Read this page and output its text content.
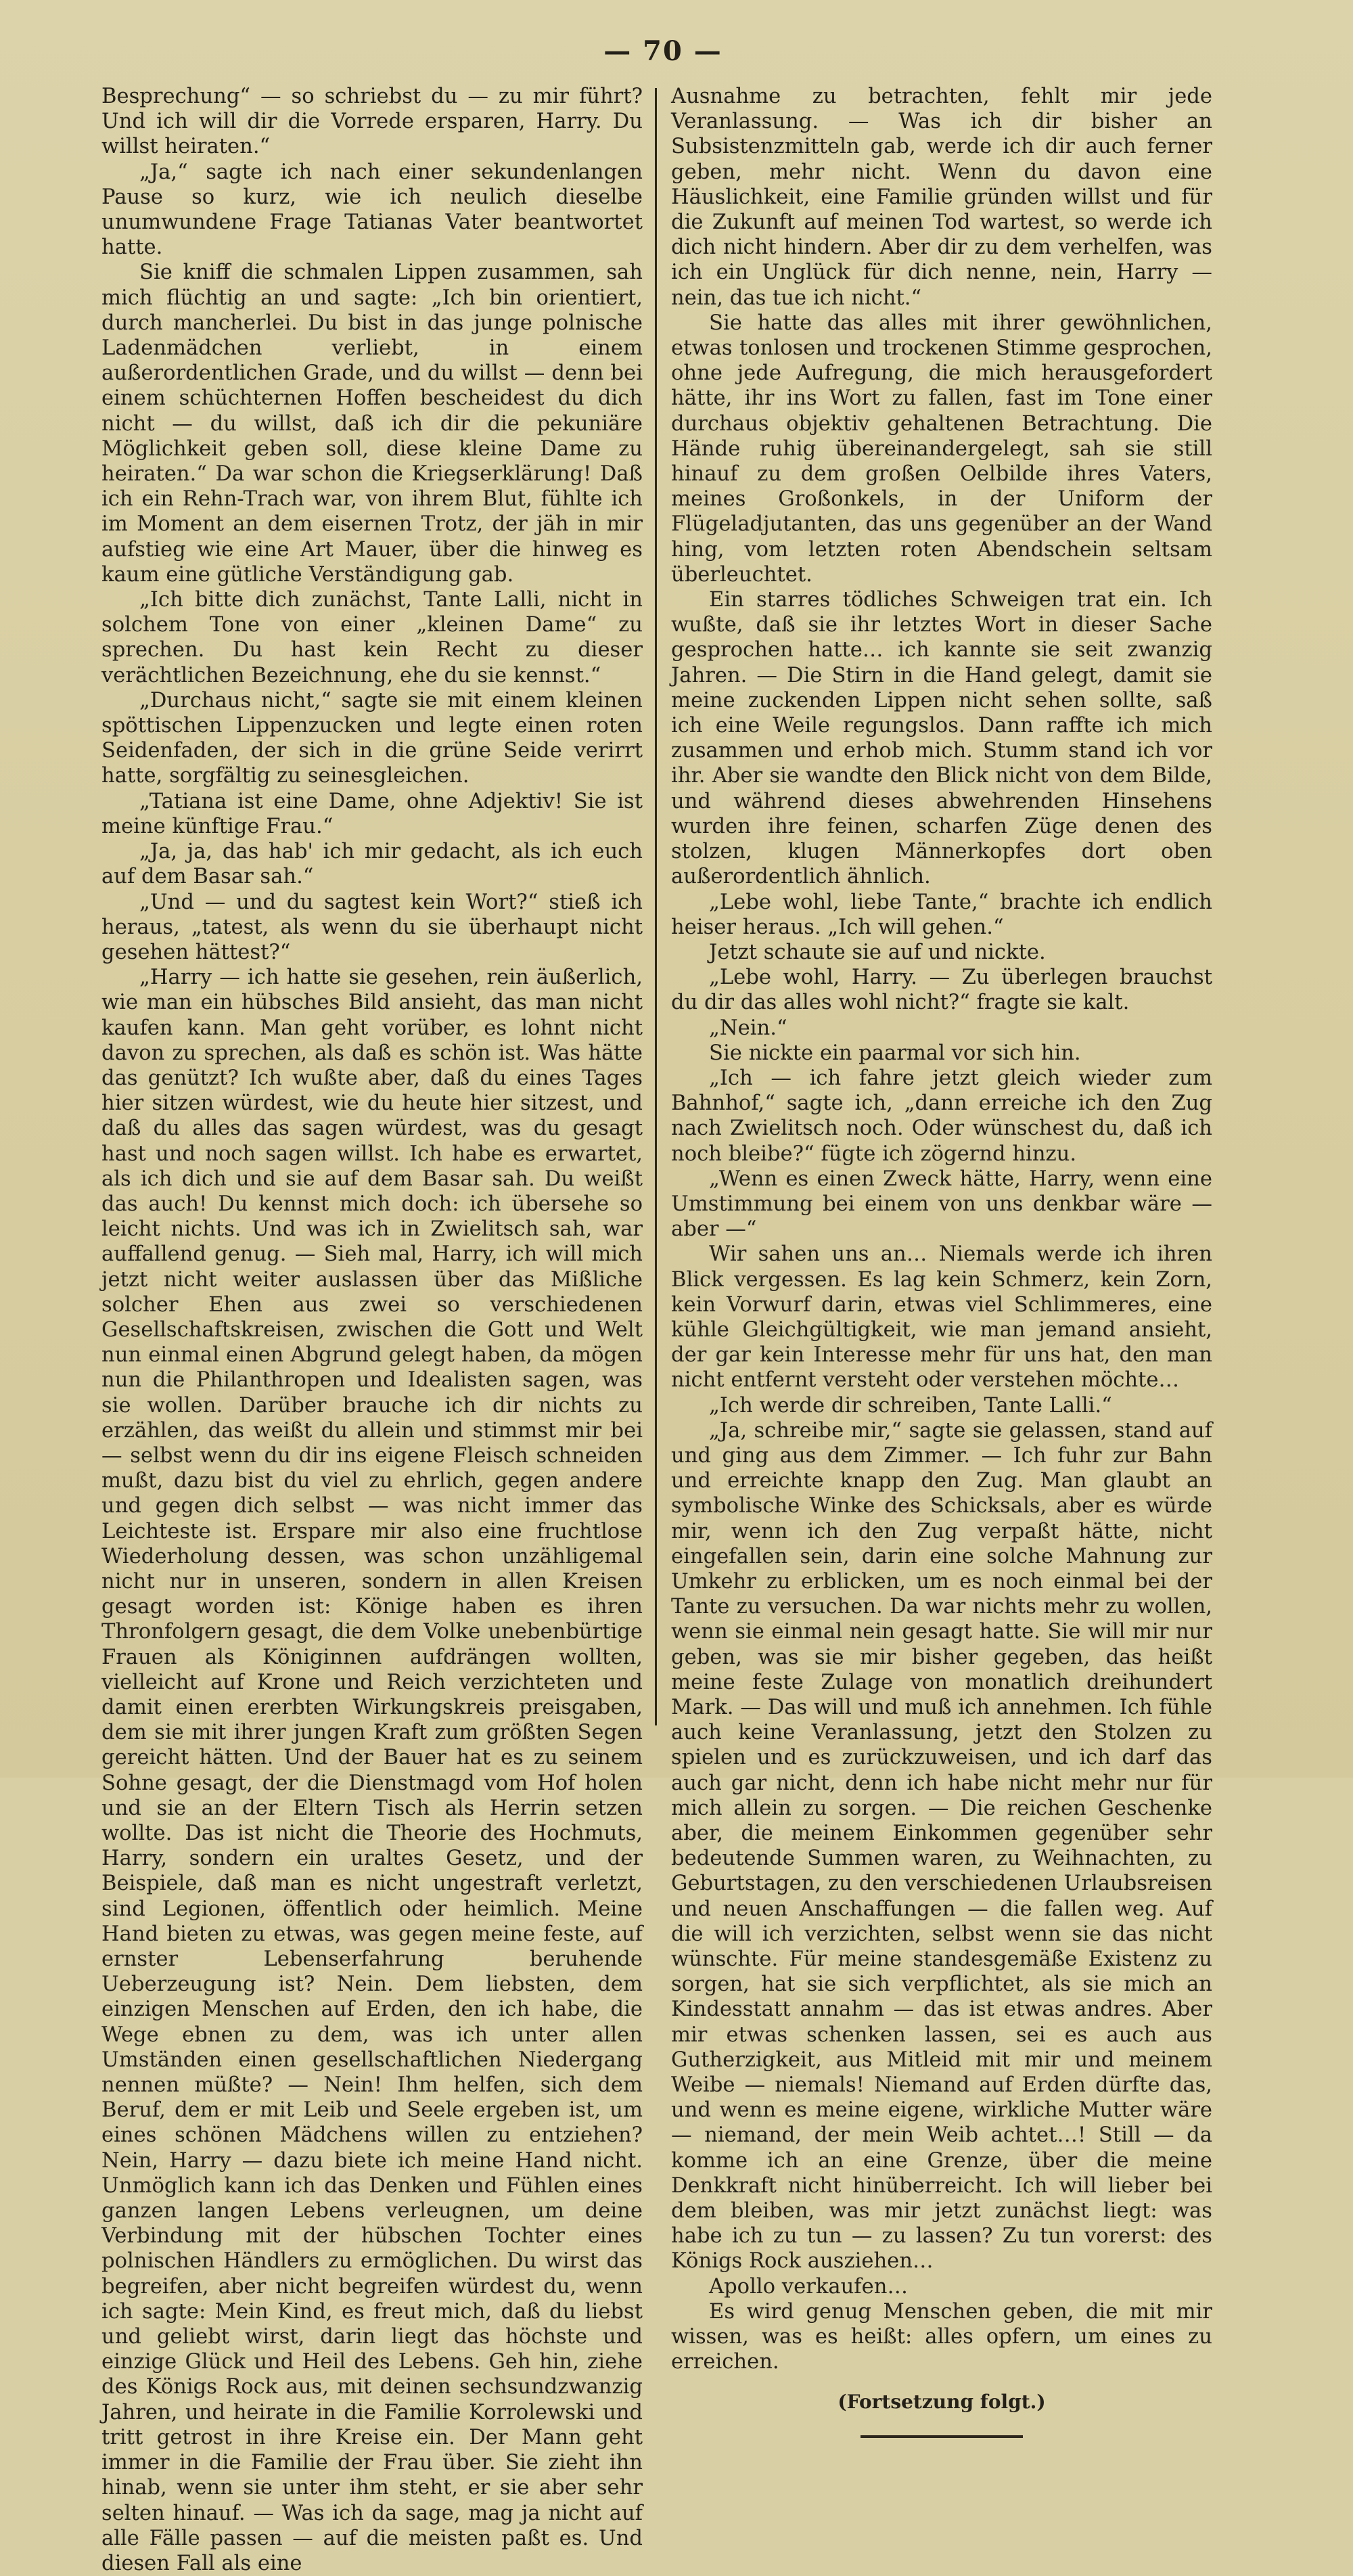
— 70 —

Besprechung“ — so schriebst du — zu mir führt? Und ich will dir die Vorrede ersparen, Harry. Du willst heiraten.“

„Ja,“ sagte ich nach einer sekundenlangen Pause so kurz, wie ich neulich dieselbe unumwundene Frage Tatianas Vater beantwortet hatte.

Sie kniff die schmalen Lippen zusammen, sah mich flüchtig an und sagte: „Ich bin orientiert, durch mancherlei. Du bist in das junge polnische Ladenmädchen verliebt, in einem außerordentlichen Grade, und du willst — denn bei einem schüchternen Hoffen bescheidest du dich nicht — du willst, daß ich dir die pekuniäre Möglichkeit geben soll, diese kleine Dame zu heiraten.“ Da war schon die Kriegserklärung! Daß ich ein Rehn-Trach war, von ihrem Blut, fühlte ich im Moment an dem eisernen Trotz, der jäh in mir aufstieg wie eine Art Mauer, über die hinweg es kaum eine gütliche Verständigung gab.

„Ich bitte dich zunächst, Tante Lalli, nicht in solchem Tone von einer „kleinen Dame“ zu sprechen. Du hast kein Recht zu dieser verächtlichen Bezeichnung, ehe du sie kennst.“

„Durchaus nicht,“ sagte sie mit einem kleinen spöttischen Lippenzucken und legte einen roten Seidenfaden, der sich in die grüne Seide verirrt hatte, sorgfältig zu seinesgleichen.

„Tatiana ist eine Dame, ohne Adjektiv! Sie ist meine künftige Frau.“

„Ja, ja, das hab' ich mir gedacht, als ich euch auf dem Basar sah.“

„Und — und du sagtest kein Wort?“ stieß ich heraus, „tatest, als wenn du sie überhaupt nicht gesehen hättest?“

„Harry — ich hatte sie gesehen, rein äußerlich, wie man ein hübsches Bild ansieht, das man nicht kaufen kann. Man geht vorüber, es lohnt nicht davon zu sprechen, als daß es schön ist. Was hätte das genützt? Ich wußte aber, daß du eines Tages hier sitzen würdest, wie du heute hier sitzest, und daß du alles das sagen würdest, was du gesagt hast und noch sagen willst. Ich habe es erwartet, als ich dich und sie auf dem Basar sah. Du weißt das auch! Du kennst mich doch: ich übersehe so leicht nichts. Und was ich in Zwielitsch sah, war auffallend genug. — Sieh mal, Harry, ich will mich jetzt nicht weiter auslassen über das Mißliche solcher Ehen aus zwei so verschiedenen Gesellschaftskreisen, zwischen die Gott und Welt nun einmal einen Abgrund gelegt haben, da mögen nun die Philanthropen und Idealisten sagen, was sie wollen. Darüber brauche ich dir nichts zu erzählen, das weißt du allein und stimmst mir bei — selbst wenn du dir ins eigene Fleisch schneiden mußt, dazu bist du viel zu ehrlich, gegen andere und gegen dich selbst — was nicht immer das Leichteste ist. Erspare mir also eine fruchtlose Wiederholung dessen, was schon unzähligemal nicht nur in unseren, sondern in allen Kreisen gesagt worden ist: Könige haben es ihren Thronfolgern gesagt, die dem Volke unebenbürtige Frauen als Königinnen aufdrängen wollten, vielleicht auf Krone und Reich verzichteten und damit einen ererbten Wirkungskreis preisgaben, dem sie mit ihrer jungen Kraft zum größten Segen gereicht hätten. Und der Bauer hat es zu seinem Sohne gesagt, der die Dienstmagd vom Hof holen und sie an der Eltern Tisch als Herrin setzen wollte. Das ist nicht die Theorie des Hochmuts, Harry, sondern ein uraltes Gesetz, und der Beispiele, daß man es nicht ungestraft verletzt, sind Legionen, öffentlich oder heimlich. Meine Hand bieten zu etwas, was gegen meine feste, auf ernster Lebenserfahrung beruhende Ueberzeugung ist? Nein. Dem liebsten, dem einzigen Menschen auf Erden, den ich habe, die Wege ebnen zu dem, was ich unter allen Umständen einen gesellschaftlichen Niedergang nennen müßte? — Nein! Ihm helfen, sich dem Beruf, dem er mit Leib und Seele ergeben ist, um eines schönen Mädchens willen zu entziehen? Nein, Harry — dazu biete ich meine Hand nicht. Unmöglich kann ich das Denken und Fühlen eines ganzen langen Lebens verleugnen, um deine Verbindung mit der hübschen Tochter eines polnischen Händlers zu ermöglichen. Du wirst das begreifen, aber nicht begreifen würdest du, wenn ich sagte: Mein Kind, es freut mich, daß du liebst und geliebt wirst, darin liegt das höchste und einzige Glück und Heil des Lebens. Geh hin, ziehe des Königs Rock aus, mit deinen sechsundzwanzig Jahren, und heirate in die Familie Korrolewski und tritt getrost in ihre Kreise ein. Der Mann geht immer in die Familie der Frau über. Sie zieht ihn hinab, wenn sie unter ihm steht, er sie aber sehr selten hinauf. — Was ich da sage, mag ja nicht auf alle Fälle passen — auf die meisten paßt es. Und diesen Fall als eine

Ausnahme zu betrachten, fehlt mir jede Veranlassung. — Was ich dir bisher an Subsistenzmitteln gab, werde ich dir auch ferner geben, mehr nicht. Wenn du davon eine Häuslichkeit, eine Familie gründen willst und für die Zukunft auf meinen Tod wartest, so werde ich dich nicht hindern. Aber dir zu dem verhelfen, was ich ein Unglück für dich nenne, nein, Harry — nein, das tue ich nicht.“

Sie hatte das alles mit ihrer gewöhnlichen, etwas tonlosen und trockenen Stimme gesprochen, ohne jede Aufregung, die mich herausgefordert hätte, ihr ins Wort zu fallen, fast im Tone einer durchaus objektiv gehaltenen Betrachtung. Die Hände ruhig übereinandergelegt, sah sie still hinauf zu dem großen Oelbilde ihres Vaters, meines Großonkels, in der Uniform der Flügeladjutanten, das uns gegenüber an der Wand hing, vom letzten roten Abendschein seltsam überleuchtet.

Ein starres tödliches Schweigen trat ein. Ich wußte, daß sie ihr letztes Wort in dieser Sache gesprochen hatte… ich kannte sie seit zwanzig Jahren. — Die Stirn in die Hand gelegt, damit sie meine zuckenden Lippen nicht sehen sollte, saß ich eine Weile regungslos. Dann raffte ich mich zusammen und erhob mich. Stumm stand ich vor ihr. Aber sie wandte den Blick nicht von dem Bilde, und während dieses abwehrenden Hinsehens wurden ihre feinen, scharfen Züge denen des stolzen, klugen Männerkopfes dort oben außerordentlich ähnlich.

„Lebe wohl, liebe Tante,“ brachte ich endlich heiser heraus. „Ich will gehen.“

Jetzt schaute sie auf und nickte.

„Lebe wohl, Harry. — Zu überlegen brauchst du dir das alles wohl nicht?“ fragte sie kalt.

„Nein.“

Sie nickte ein paarmal vor sich hin.

„Ich — ich fahre jetzt gleich wieder zum Bahnhof,“ sagte ich, „dann erreiche ich den Zug nach Zwielitsch noch. Oder wünschest du, daß ich noch bleibe?“ fügte ich zögernd hinzu.

„Wenn es einen Zweck hätte, Harry, wenn eine Umstimmung bei einem von uns denkbar wäre — aber —“

Wir sahen uns an… Niemals werde ich ihren Blick vergessen. Es lag kein Schmerz, kein Zorn, kein Vorwurf darin, etwas viel Schlimmeres, eine kühle Gleichgültigkeit, wie man jemand ansieht, der gar kein Interesse mehr für uns hat, den man nicht entfernt versteht oder verstehen möchte…

„Ich werde dir schreiben, Tante Lalli.“

„Ja, schreibe mir,“ sagte sie gelassen, stand auf und ging aus dem Zimmer. — Ich fuhr zur Bahn und erreichte knapp den Zug. Man glaubt an symbolische Winke des Schicksals, aber es würde mir, wenn ich den Zug verpaßt hätte, nicht eingefallen sein, darin eine solche Mahnung zur Umkehr zu erblicken, um es noch einmal bei der Tante zu versuchen. Da war nichts mehr zu wollen, wenn sie einmal nein gesagt hatte. Sie will mir nur geben, was sie mir bisher gegeben, das heißt meine feste Zulage von monatlich dreihundert Mark. — Das will und muß ich annehmen. Ich fühle auch keine Veranlassung, jetzt den Stolzen zu spielen und es zurückzuweisen, und ich darf das auch gar nicht, denn ich habe nicht mehr nur für mich allein zu sorgen. — Die reichen Geschenke aber, die meinem Einkommen gegenüber sehr bedeutende Summen waren, zu Weihnachten, zu Geburtstagen, zu den verschiedenen Urlaubsreisen und neuen Anschaffungen — die fallen weg. Auf die will ich verzichten, selbst wenn sie das nicht wünschte. Für meine standesgemäße Existenz zu sorgen, hat sie sich verpflichtet, als sie mich an Kindesstatt annahm — das ist etwas andres. Aber mir etwas schenken lassen, sei es auch aus Gutherzigkeit, aus Mitleid mit mir und meinem Weibe — niemals! Niemand auf Erden dürfte das, und wenn es meine eigene, wirkliche Mutter wäre — niemand, der mein Weib achtet…! Still — da komme ich an eine Grenze, über die meine Denkkraft nicht hinüberreicht. Ich will lieber bei dem bleiben, was mir jetzt zunächst liegt: was habe ich zu tun — zu lassen? Zu tun vorerst: des Königs Rock ausziehen…

Apollo verkaufen…

Es wird genug Menschen geben, die mit mir wissen, was es heißt: alles opfern, um eines zu erreichen.

(Fortsetzung folgt.)
